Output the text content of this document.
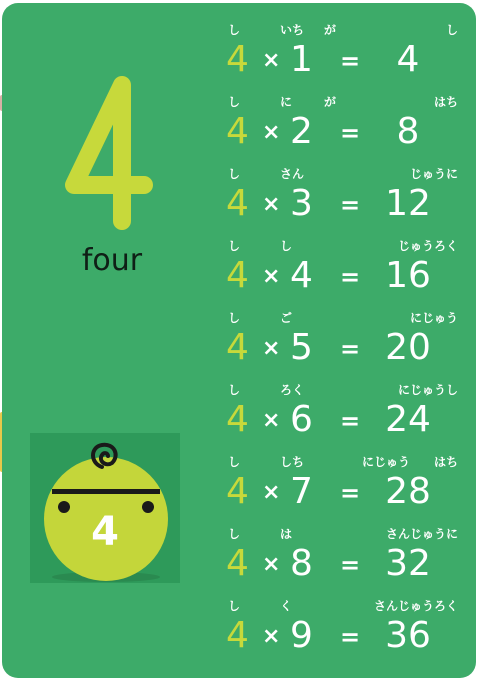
four
4
し	いち が	し
4 × 1 =	4
し	に	が	はち
4 × 2 =	8
し	さん	じゅうに
4 × 3 = 12
し	し	じゅうろく
4 × 4 = 16
し	ご	にじゅう
4 × 5 = 20
し	ろく	にじゅうし
4 × 6 = 24
し	しち	にじゅう　　はち
4 × 7 = 28
し	は	さんじゅうに
4 × 8 = 32
し	く	さんじゅうろく
4 × 9 = 36
